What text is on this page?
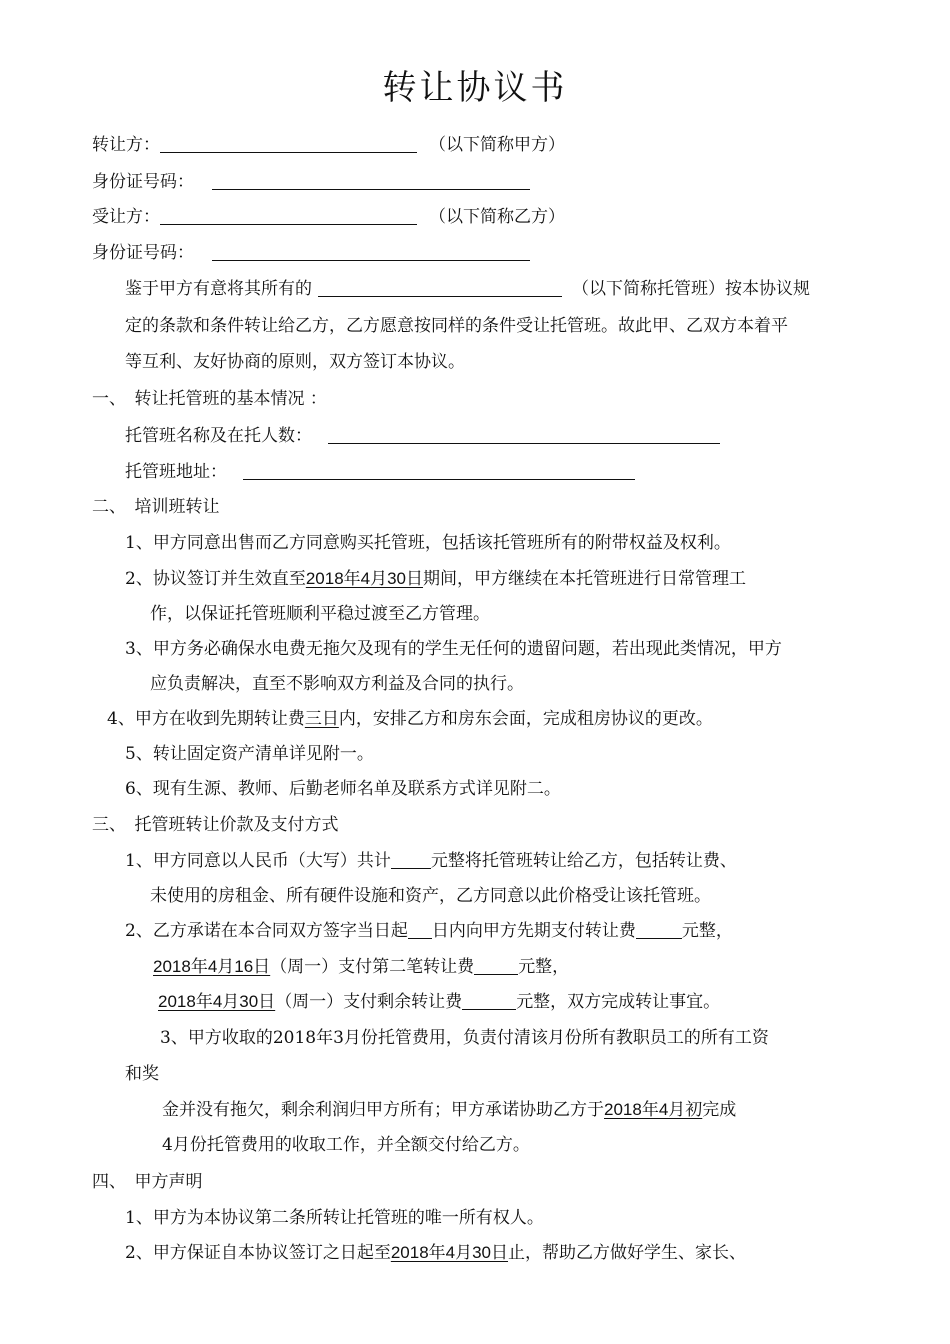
转让协议书
转让方：	（以下简称甲方）
身份证号码：
受让方：	（以下简称乙方）
身份证号码：
鉴于甲方有意将其所有的	（以下简称托管班）按本协议规
定的条款和条件转让给乙方，乙方愿意按同样的条件受让托管班。故此甲、乙双方本着平
等互利、友好协商的原则，双方签订本协议。
一、　转让托管班的基本情况 ：
托管班名称及在托人数：
托管班地址：
二、　培训班转让
1、甲方同意出售而乙方同意购买托管班，包括该托管班所有的附带权益及权利。
2、协议签订并生效直至2018年4月30日期间，甲方继续在本托管班进行日常管理工
作，以保证托管班顺利平稳过渡至乙方管理。
3、甲方务必确保水电费无拖欠及现有的学生无任何的遗留问题，若出现此类情况，甲方
应负责解决，直至不影响双方利益及合同的执行。
4、甲方在收到先期转让费三日内，安排乙方和房东会面，完成租房协议的更改。
5、转让固定资产清单详见附一。
6、现有生源、教师、后勤老师名单及联系方式详见附二。
三、　托管班转让价款及支付方式
1、甲方同意以人民币（大写）共计 元整将托管班转让给乙方，包括转让费、
未使用的房租金、所有硬件设施和资产，乙方同意以此价格受让该托管班。
2、乙方承诺在本合同双方签字当日起 日内向甲方先期支付转让费	元整，
2018年4月16日（周一）支付第二笔转让费	元整，
2018年4月30日（周一）支付剩余转让费	元整，双方完成转让事宜。
3、甲方收取的2018年3月份托管费用，负责付清该月份所有教职员工的所有工资
和奖
金并没有拖欠，剩余利润归甲方所有；甲方承诺协助乙方于2018年4月初完成
4月份托管费用的收取工作，并全额交付给乙方。
四、　甲方声明
1、甲方为本协议第二条所转让托管班的唯一所有权人。
2、甲方保证自本协议签订之日起至2018年4月30日止，帮助乙方做好学生、家长、
